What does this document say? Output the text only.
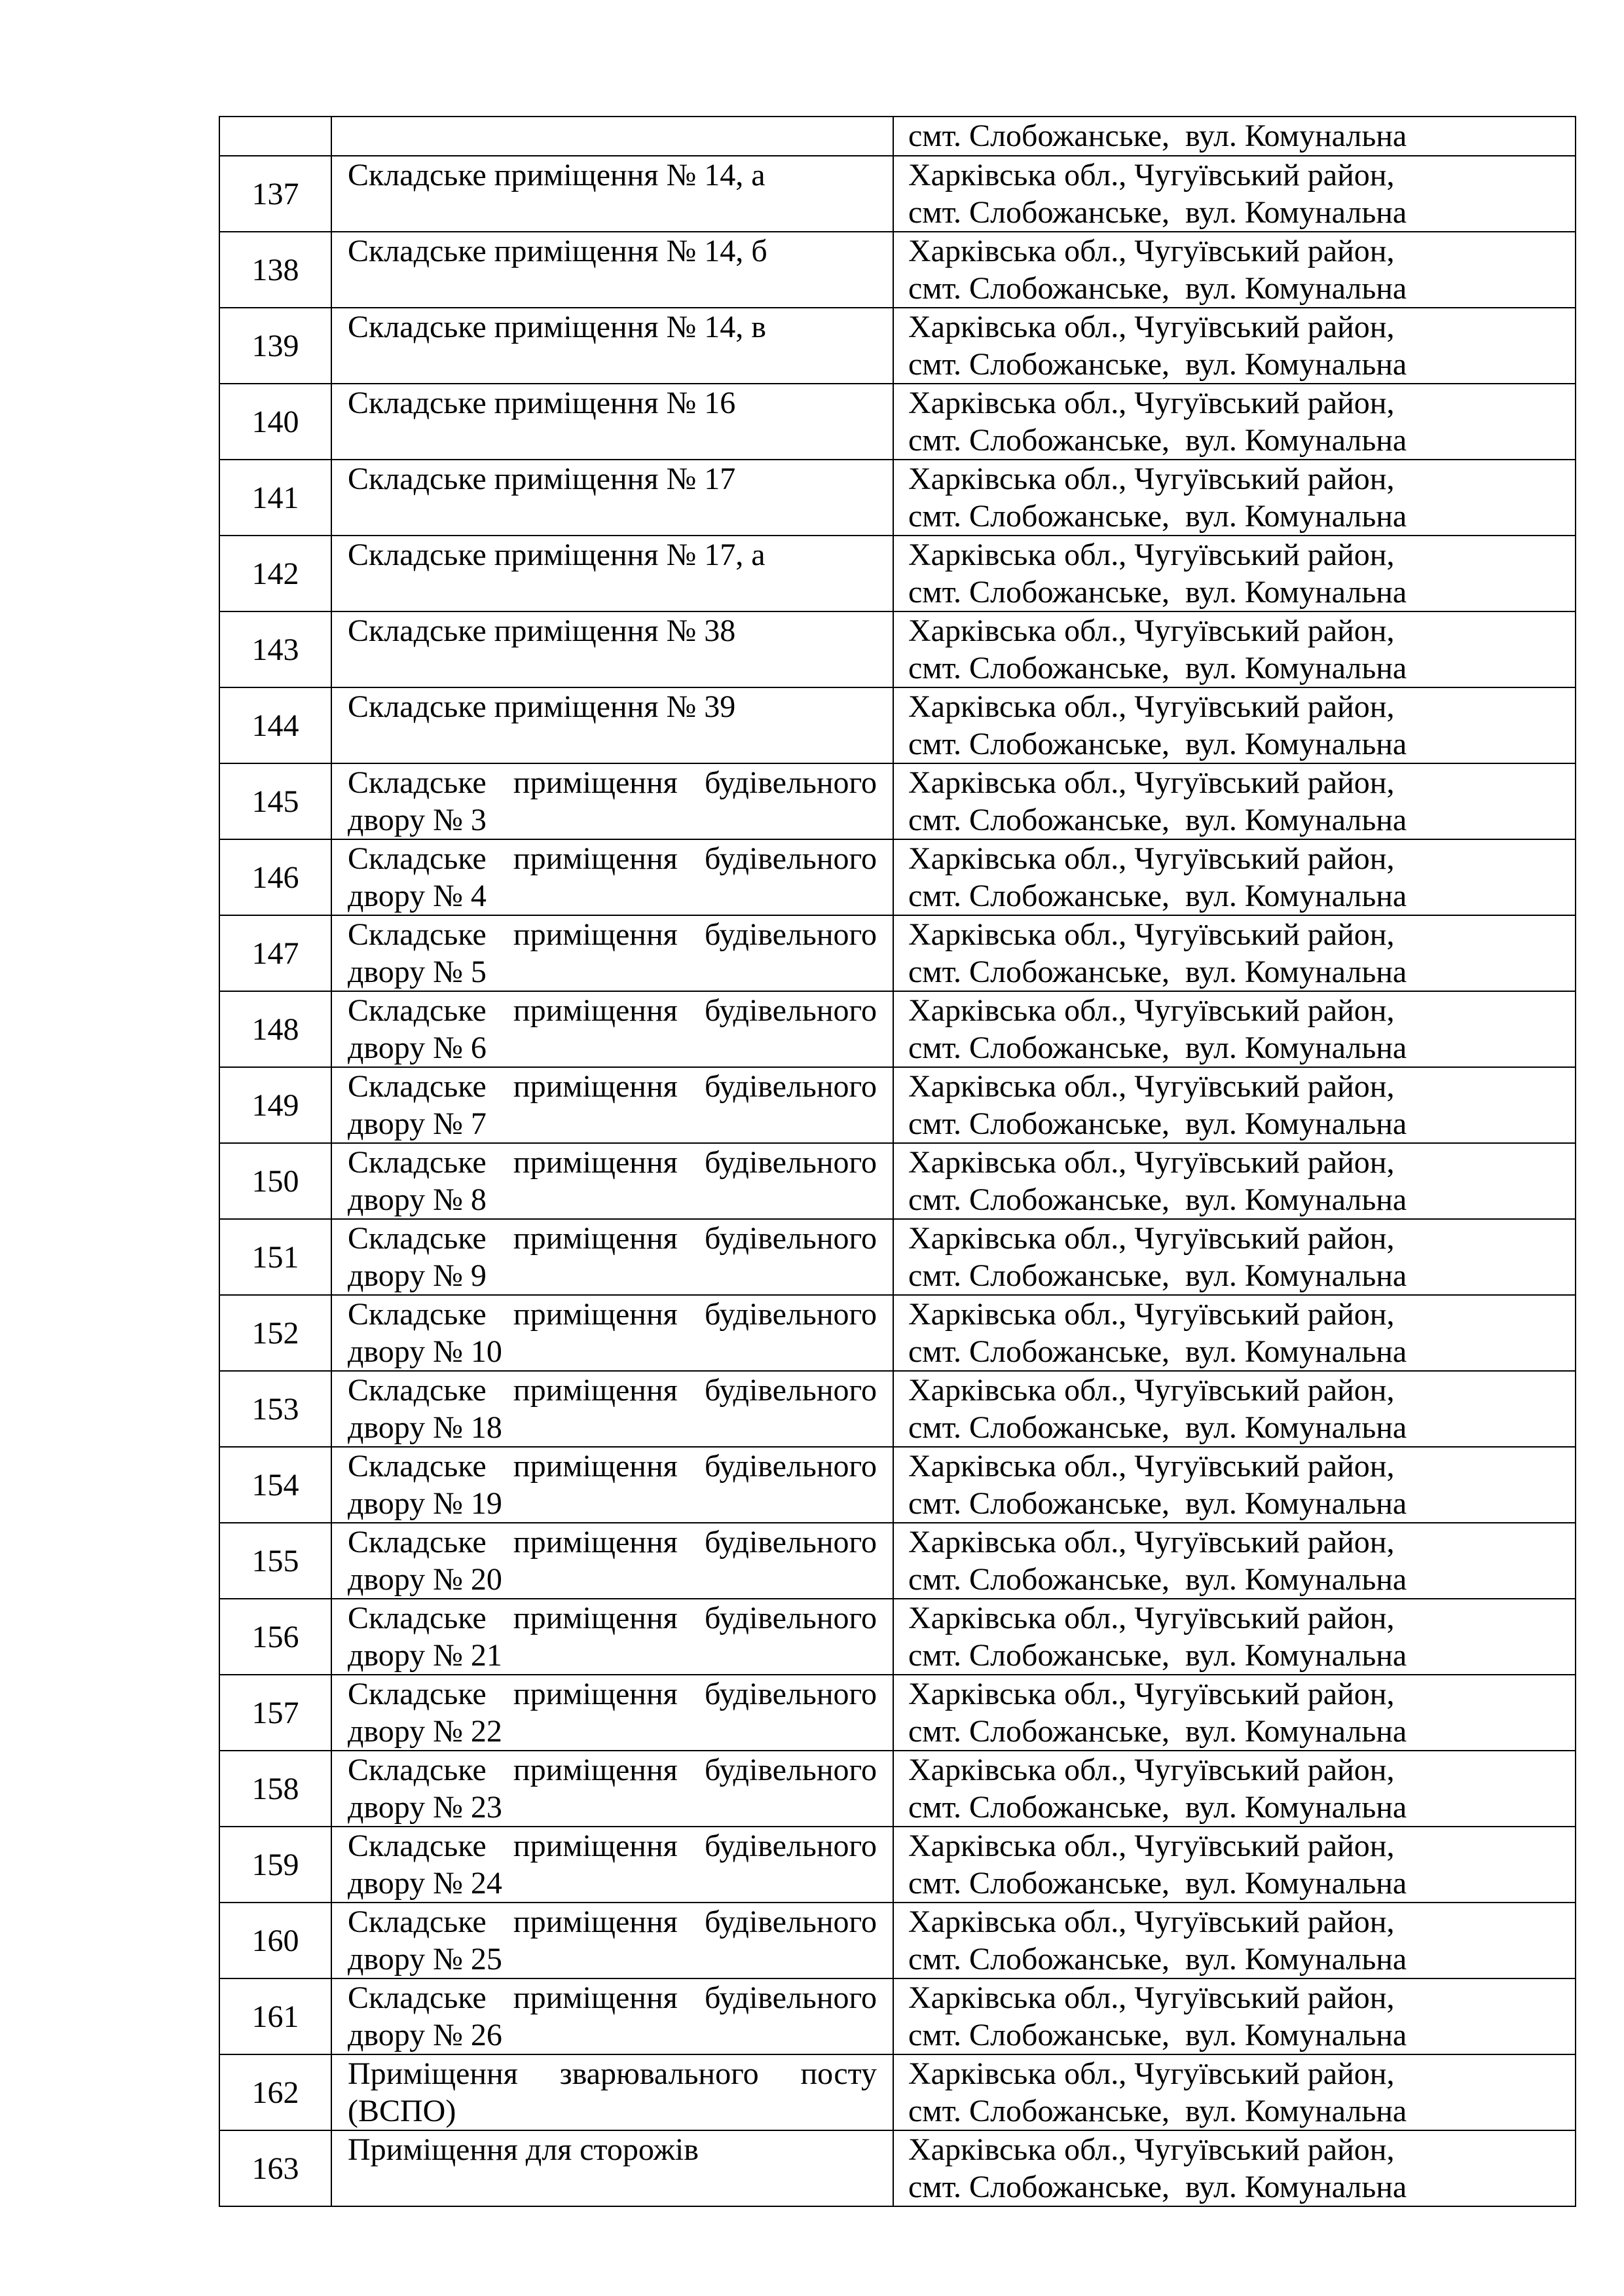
		смт. Слобожанське,  вул. Комунальна

137	Складське приміщення № 14, а	Харківська обл., Чугуївський район,
смт. Слобожанське,  вул. Комунальна

138	Складське приміщення № 14, б	Харківська обл., Чугуївський район,
смт. Слобожанське,  вул. Комунальна

139	Складське приміщення № 14, в	Харківська обл., Чугуївський район,
смт. Слобожанське,  вул. Комунальна

140	Складське приміщення № 16	Харківська обл., Чугуївський район,
смт. Слобожанське,  вул. Комунальна

141	Складське приміщення № 17	Харківська обл., Чугуївський район,
смт. Слобожанське,  вул. Комунальна

142	Складське приміщення № 17, а	Харківська обл., Чугуївський район,
смт. Слобожанське,  вул. Комунальна

143	Складське приміщення № 38	Харківська обл., Чугуївський район,
смт. Слобожанське,  вул. Комунальна

144	Складське приміщення № 39	Харківська обл., Чугуївський район,
смт. Слобожанське,  вул. Комунальна

145	Складське приміщення будівельного двору № 3	Харківська обл., Чугуївський район,
смт. Слобожанське,  вул. Комунальна

146	Складське приміщення будівельного двору № 4	Харківська обл., Чугуївський район,
смт. Слобожанське,  вул. Комунальна

147	Складське приміщення будівельного двору № 5	Харківська обл., Чугуївський район,
смт. Слобожанське,  вул. Комунальна

148	Складське приміщення будівельного двору № 6	Харківська обл., Чугуївський район,
смт. Слобожанське,  вул. Комунальна

149	Складське приміщення будівельного двору № 7	Харківська обл., Чугуївський район,
смт. Слобожанське,  вул. Комунальна

150	Складське приміщення будівельного двору № 8	Харківська обл., Чугуївський район,
смт. Слобожанське,  вул. Комунальна

151	Складське приміщення будівельного двору № 9	Харківська обл., Чугуївський район,
смт. Слобожанське,  вул. Комунальна

152	Складське приміщення будівельного двору № 10	Харківська обл., Чугуївський район,
смт. Слобожанське,  вул. Комунальна

153	Складське приміщення будівельного двору № 18	Харківська обл., Чугуївський район,
смт. Слобожанське,  вул. Комунальна

154	Складське приміщення будівельного двору № 19	Харківська обл., Чугуївський район,
смт. Слобожанське,  вул. Комунальна

155	Складське приміщення будівельного двору № 20	Харківська обл., Чугуївський район,
смт. Слобожанське,  вул. Комунальна

156	Складське приміщення будівельного двору № 21	Харківська обл., Чугуївський район,
смт. Слобожанське,  вул. Комунальна

157	Складське приміщення будівельного двору № 22	Харківська обл., Чугуївський район,
смт. Слобожанське,  вул. Комунальна

158	Складське приміщення будівельного двору № 23	Харківська обл., Чугуївський район,
смт. Слобожанське,  вул. Комунальна

159	Складське приміщення будівельного двору № 24	Харківська обл., Чугуївський район,
смт. Слобожанське,  вул. Комунальна

160	Складське приміщення будівельного двору № 25	Харківська обл., Чугуївський район,
смт. Слобожанське,  вул. Комунальна

161	Складське приміщення будівельного двору № 26	Харківська обл., Чугуївський район,
смт. Слобожанське,  вул. Комунальна

162	Приміщення зварювального посту (ВСПО)	Харківська обл., Чугуївський район,
смт. Слобожанське,  вул. Комунальна

163	Приміщення для сторожів	Харківська обл., Чугуївський район,
смт. Слобожанське,  вул. Комунальна
